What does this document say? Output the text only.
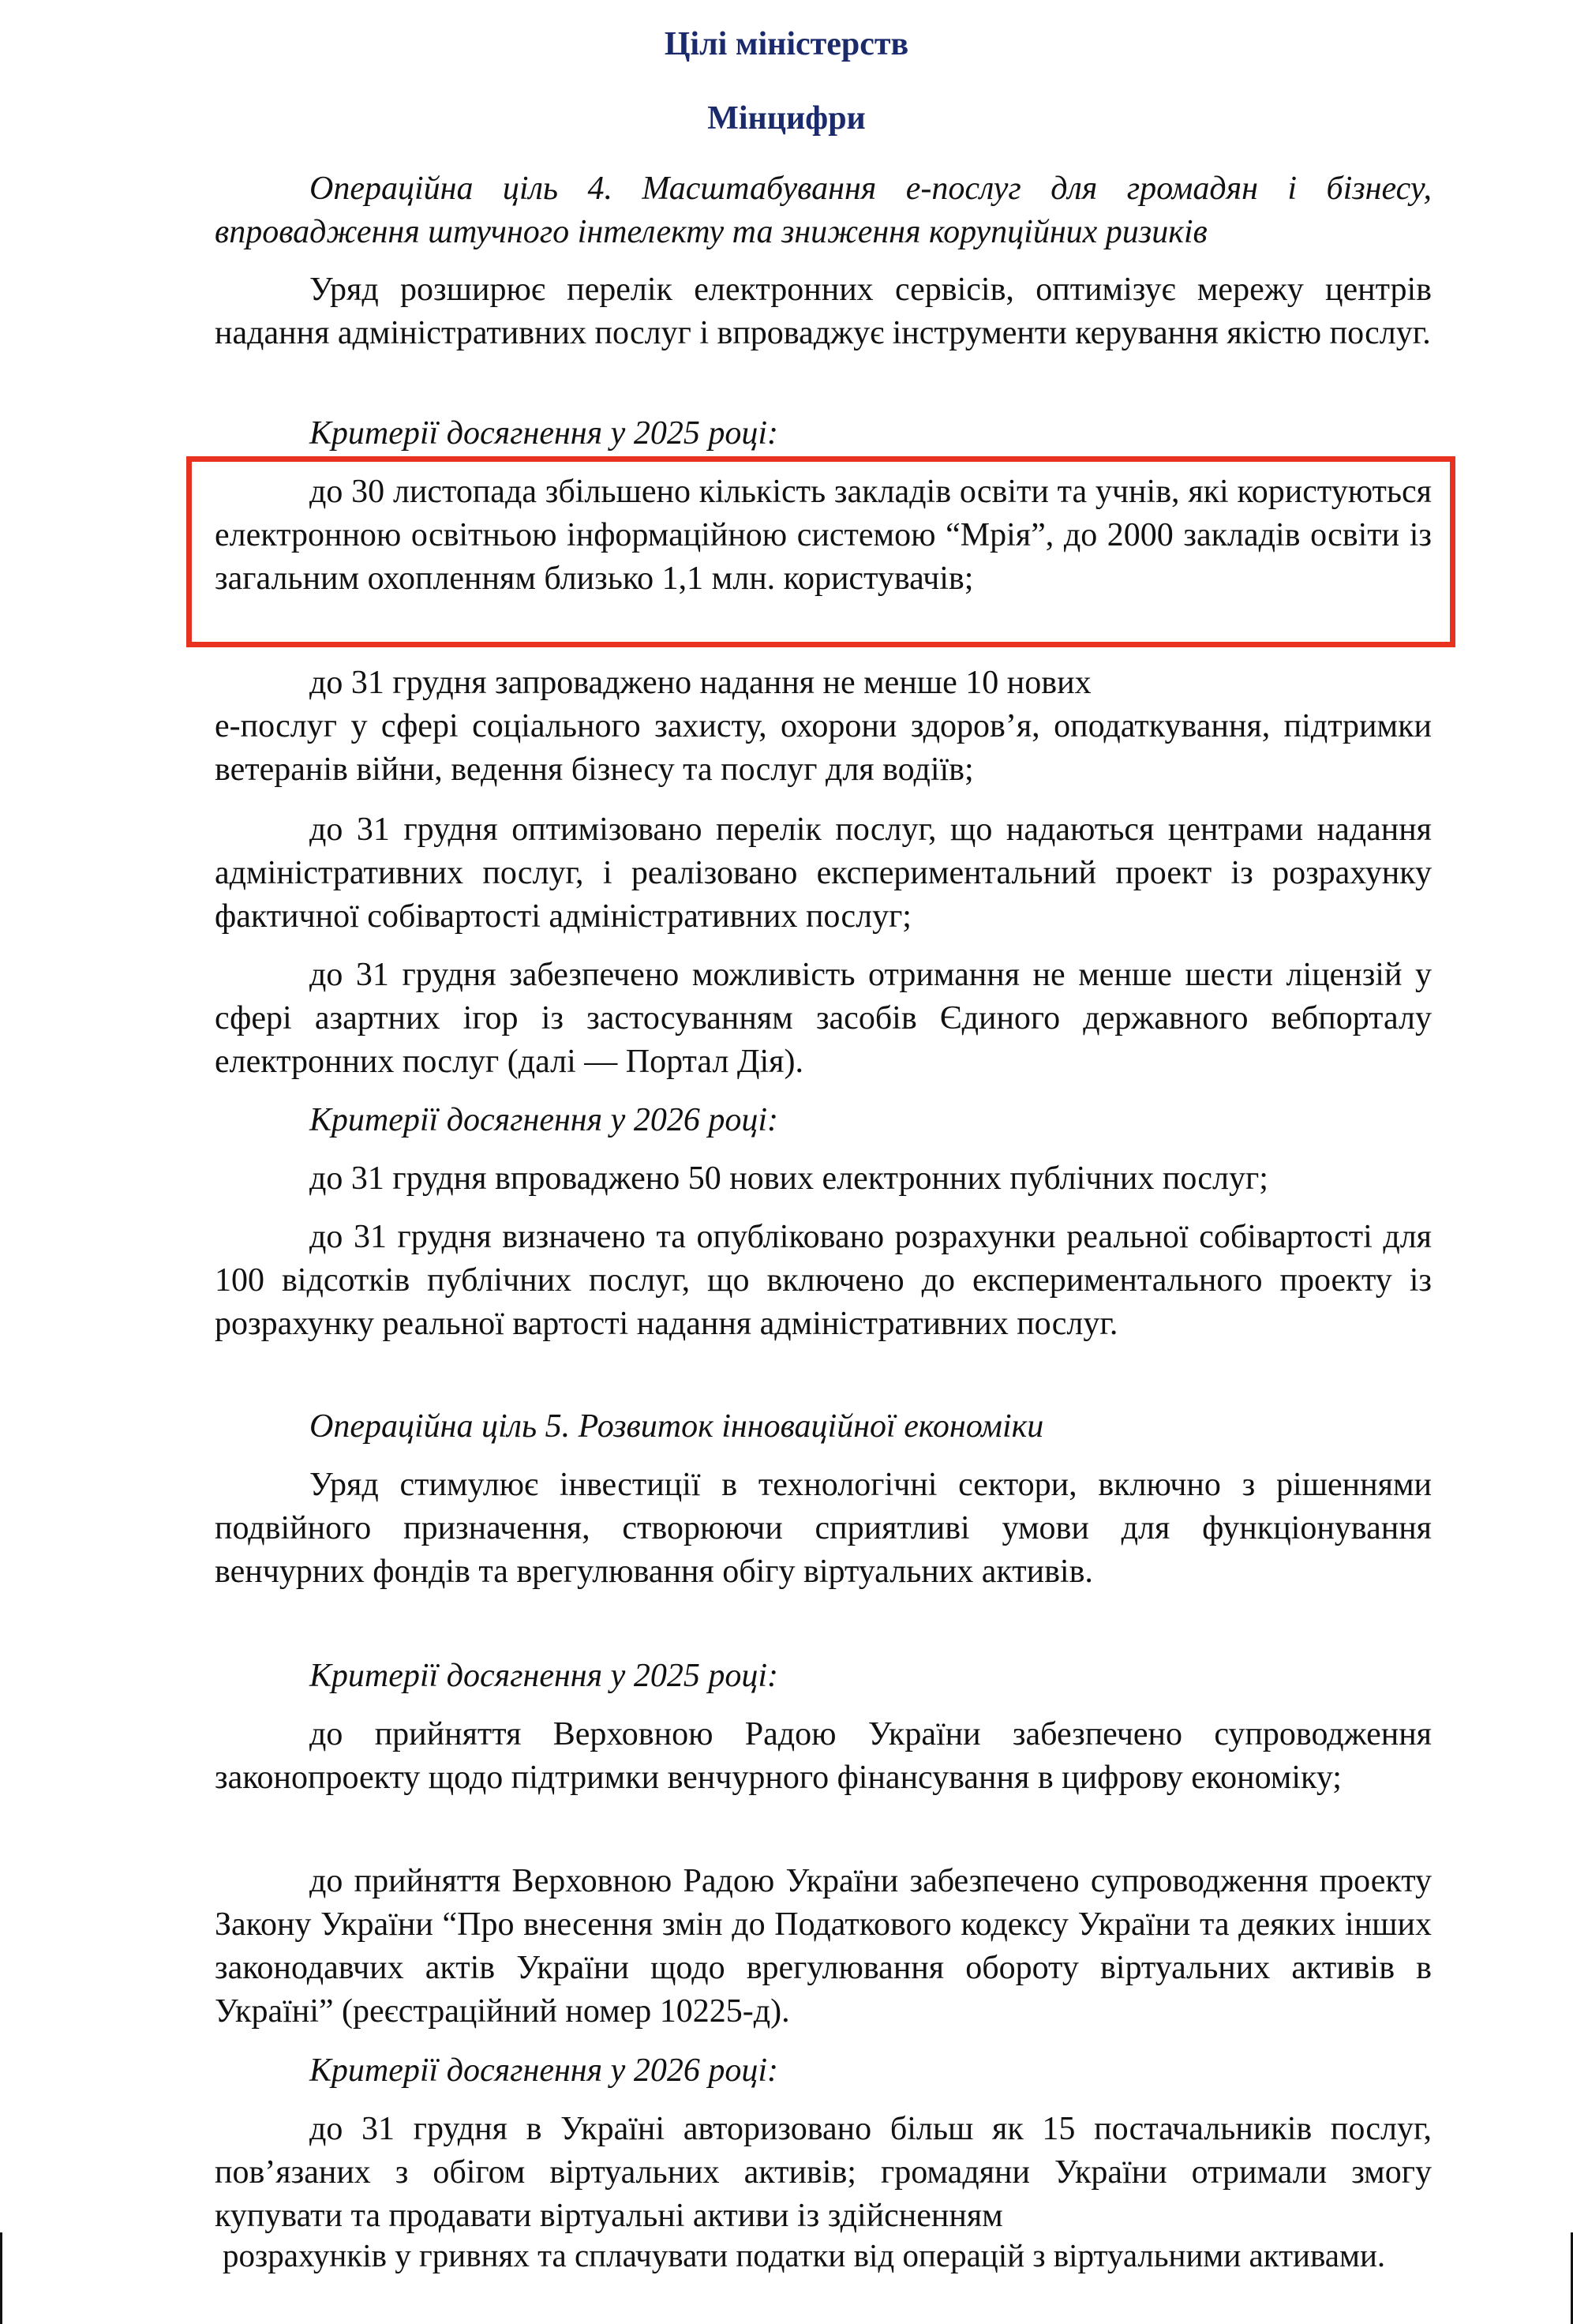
Цілі міністерств
Мінцифри

Операційна ціль 4. Масштабування е-послуг для громадян і бізнесу, впровадження штучного інтелекту та зниження корупційних ризиків

Уряд розширює перелік електронних сервісів, оптимізує мережу центрів надання адміністративних послуг і впроваджує інструменти керування якістю послуг.

Критерії досягнення у 2025 році:

до 30 листопада збільшено кількість закладів освіти та учнів, які користуються електронною освітньою інформаційною системою “Мрія”, до 2000 закладів освіти із загальним охопленням близько 1,1 млн. користувачів;

до 31 грудня запроваджено надання не менше 10 нових

е-послуг у сфері соціального захисту, охорони здоров’я, оподаткування, підтримки ветеранів війни, ведення бізнесу та послуг для водіїв;

до 31 грудня оптимізовано перелік послуг, що надаються центрами надання адміністративних послуг, і реалізовано експериментальний проект із розрахунку фактичної собівартості адміністративних послуг;

до 31 грудня забезпечено можливість отримання не менше шести ліцензій у сфері азартних ігор із застосуванням засобів Єдиного державного вебпорталу електронних послуг (далі — Портал Дія).

Критерії досягнення у 2026 році:

до 31 грудня впроваджено 50 нових електронних публічних послуг;

до 31 грудня визначено та опубліковано розрахунки реальної собівартості для 100 відсотків публічних послуг, що включено до експериментального проекту із розрахунку реальної вартості надання адміністративних послуг.

Операційна ціль 5. Розвиток інноваційної економіки

Уряд стимулює інвестиції в технологічні сектори, включно з рішеннями подвійного призначення, створюючи сприятливі умови для функціонування венчурних фондів та врегулювання обігу віртуальних активів.

Критерії досягнення у 2025 році:

до прийняття Верховною Радою України забезпечено супроводження законопроекту щодо підтримки венчурного фінансування в цифрову економіку;

до прийняття Верховною Радою України забезпечено супроводження проекту Закону України “Про внесення змін до Податкового кодексу України та деяких інших законодавчих актів України щодо врегулювання обороту віртуальних активів в Україні” (реєстраційний номер 10225-д).

Критерії досягнення у 2026 році:

до 31 грудня в Україні авторизовано більш як 15 постачальників послуг, пов’язаних з обігом віртуальних активів; громадяни України отримали змогу купувати та продавати віртуальні активи із здійсненням

розрахунків у гривнях та сплачувати податки від операцій з віртуальними активами.
